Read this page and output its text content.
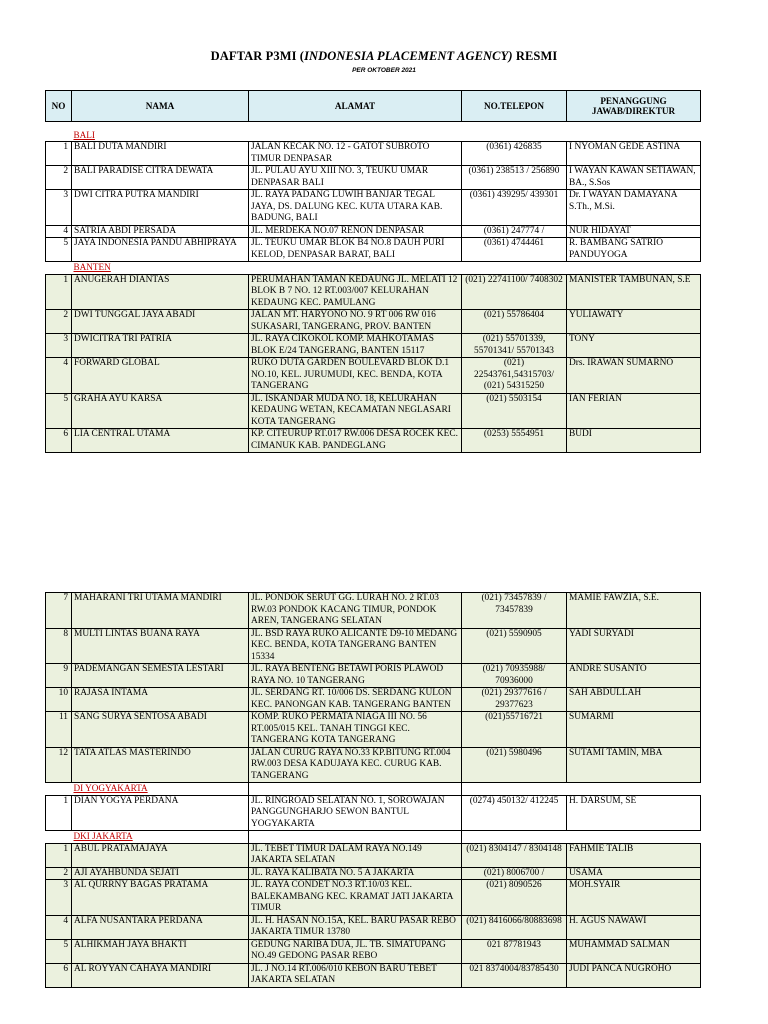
DAFTAR P3MI (INDONESIA PLACEMENT AGENCY) RESMI
PER OKTOBER 2021
NO	NAMA	ALAMAT	NO.TELEPON	PENANGGUNG JAWAB/DIREKTUR

	BALI			
1	BALI DUTA MANDIRI	JALAN KECAK NO. 12 - GATOT SUBROTO TIMUR DENPASAR	(0361) 426835	I NYOMAN GEDE ASTINA
2	BALI PARADISE CITRA DEWATA	JL. PULAU AYU XIII NO. 3, TEUKU UMAR DENPASAR BALI	(0361) 238513 / 256890	I WAYAN KAWAN SETIAWAN, BA., S.Sos
3	DWI CITRA PUTRA MANDIRI	JL. RAYA PADANG LUWIH BANJAR TEGAL JAYA, DS. DALUNG KEC. KUTA UTARA KAB. BADUNG, BALI	(0361) 439295/ 439301	Dr. I WAYAN DAMAYANA S.Th., M.Si.
4	SATRIA ABDI PERSADA	JL. MERDEKA NO.07 RENON DENPASAR	(0361) 247774 /	NUR HIDAYAT
5	JAYA INDONESIA PANDU ABHIPRAYA	JL. TEUKU UMAR BLOK B4 NO.8 DAUH PURI KELOD, DENPASAR BARAT, BALI	(0361) 4744461	R. BAMBANG SATRIO PANDUYOGA
	BANTEN			
1	ANUGERAH DIANTAS	PERUMAHAN TAMAN KEDAUNG JL. MELATI 12 BLOK B 7 NO. 12 RT.003/007 KELURAHAN KEDAUNG KEC. PAMULANG	(021) 22741100/ 7408302	MANISTER TAMBUNAN, S.E
2	DWI TUNGGAL JAYA ABADI	JALAN MT. HARYONO NO. 9 RT 006 RW 016 SUKASARI, TANGERANG, PROV. BANTEN	(021) 55786404	YULIAWATY
3	DWICITRA TRI PATRIA	JL. RAYA CIKOKOL KOMP. MAHKOTAMAS BLOK E/24 TANGERANG, BANTEN 15117	(021) 55701339, 55701341/ 55701343	TONY
4	FORWARD GLOBAL	RUKO DUTA GARDEN BOULEVARD BLOK D.1 NO.10, KEL. JURUMUDI, KEC. BENDA, KOTA TANGERANG	(021) 22543761,54315703/ (021) 54315250	Drs. IRAWAN SUMARNO
5	GRAHA AYU KARSA	JL. ISKANDAR MUDA NO. 18, KELURAHAN KEDAUNG WETAN, KECAMATAN NEGLASARI KOTA TANGERANG	(021) 5503154	IAN FERIAN
6	LIA CENTRAL UTAMA	KP. CITEURUP RT.017 RW.006 DESA ROCEK KEC. CIMANUK KAB. PANDEGLANG	(0253) 5554951	BUDI
7	MAHARANI TRI UTAMA MANDIRI	JL. PONDOK SERUT GG. LURAH NO. 2 RT.03 RW.03 PONDOK KACANG TIMUR, PONDOK AREN, TANGERANG SELATAN	(021) 73457839 / 73457839	MAMIE FAWZIA, S.E.
8	MULTI LINTAS BUANA RAYA	JL. BSD RAYA RUKO ALICANTE D9-10 MEDANG KEC. BENDA, KOTA TANGERANG BANTEN 15334	(021) 5590905	YADI SURYADI
9	PADEMANGAN SEMESTA LESTARI	JL. RAYA BENTENG BETAWI PORIS PLAWOD RAYA NO. 10 TANGERANG	(021) 70935988/ 70936000	ANDRE SUSANTO
10	RAJASA INTAMA	JL. SERDANG RT. 10/006 DS. SERDANG KULON KEC. PANONGAN KAB. TANGERANG BANTEN	(021) 29377616 / 29377623	SAH ABDULLAH
11	SANG SURYA SENTOSA ABADI	KOMP. RUKO PERMATA NIAGA III NO. 56 RT.005/015 KEL. TANAH TINGGI KEC. TANGERANG KOTA TANGERANG	(021)55716721	SUMARMI
12	TATA ATLAS MASTERINDO	JALAN CURUG RAYA NO.33 KP.BITUNG RT.004 RW.003 DESA KADUJAYA KEC. CURUG KAB. TANGERANG	(021) 5980496	SUTAMI TAMIN, MBA
	DI YOGYAKARTA			
1	DIAN YOGYA PERDANA	JL. RINGROAD SELATAN NO. 1, SOROWAJAN PANGGUNGHARJO SEWON BANTUL YOGYAKARTA	(0274) 450132/ 412245	H. DARSUM, SE
	DKI JAKARTA			
1	ABUL PRATAMAJAYA	JL. TEBET TIMUR DALAM RAYA NO.149 JAKARTA SELATAN	(021) 8304147 / 8304148	FAHMIE TALIB
2	AJI AYAHBUNDA SEJATI	JL. RAYA KALIBATA NO. 5 A JAKARTA	(021) 8006700 /	USAMA
3	AL QURRNY BAGAS PRATAMA	JL. RAYA CONDET NO.3 RT.10/03 KEL. BALEKAMBANG KEC. KRAMAT JATI JAKARTA TIMUR	(021) 8090526	MOH.SYAIR
4	ALFA NUSANTARA PERDANA	JL. H. HASAN NO.15A, KEL. BARU PASAR REBO JAKARTA TIMUR 13780	(021) 8416066/80883698	H. AGUS NAWAWI
5	ALHIKMAH JAYA BHAKTI	GEDUNG NARIBA DUA, JL. TB. SIMATUPANG NO.49 GEDONG PASAR REBO	021 87781943	MUHAMMAD SALMAN
6	AL ROYYAN CAHAYA MANDIRI	JL. J NO.14 RT.006/010 KEBON BARU TEBET JAKARTA SELATAN	021 8374004/83785430	JUDI PANCA NUGROHO
